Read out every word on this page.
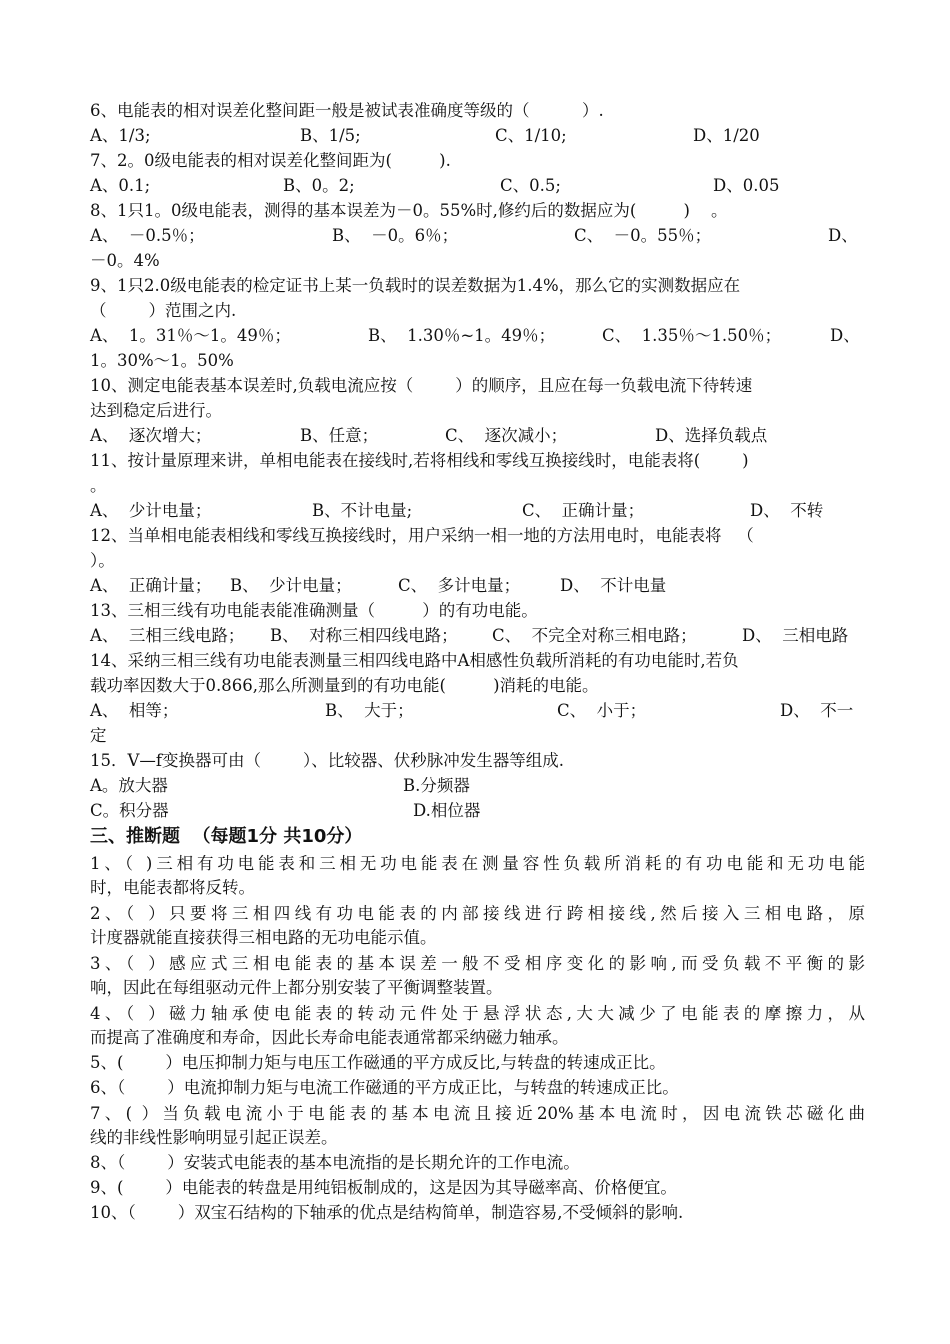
6、电能表的相对误差化整间距一般是被试表准确度等级的（          ）.
A、1/3;	B、1/5;	C、1/10;	D、1/20
7、2。0级电能表的相对误差化整间距为(         ).
A、0.1;	B、0。2;	C、0.5;	D、0.05
8、1只1。0级电能表，测得的基本误差为－0。55%时,修约后的数据应为(         )    。
A、  －0.5％；	B、  －0。6％；	C、  －0。55％；	D、
－0。4%
9、1只2.0级电能表的检定证书上某一负载时的误差数据为1.4%，那么它的实测数据应在
（        ）范围之内.
A、  1。31％～1。49％；	B、  1.30％~1。49％；	C、  1.35％～1.50％；	D、
1。30%～1。50%
10、测定电能表基本误差时,负载电流应按（        ）的顺序，且应在每一负载电流下待转速
达到稳定后进行。
A、  逐次增大；	B、任意；	C、  逐次减小；	D、选择负载点
11、按计量原理来讲，单相电能表在接线时,若将相线和零线互换接线时，电能表将(        )
。
A、  少计电量；	B、不计电量;	C、  正确计量；	D、  不转
12、当单相电能表相线和零线互换接线时，用户采纳一相一地的方法用电时，电能表将   （
）。
A、  正确计量； B、  少计电量；	C、  多计电量； D、  不计电量
13、三相三线有功电能表能准确测量（         ）的有功电能。
A、  三相三线电路； B、  对称三相四线电路； C、  不完全对称三相电路；	D、  三相电路
14、采纳三相三线有功电能表测量三相四线电路中A相感性负载所消耗的有功电能时,若负
载功率因数大于0.866,那么所测量到的有功电能(         )消耗的电能。
A、  相等；	B、  大于；	C、  小于；	D、  不一
定
15．V—f变换器可由（        ）、比较器、伏秒脉冲发生器等组成.
A。放大器	B.分频器
C。积分器	D.相位器
三、推断题  （每题1分 共10分）
1、（ )三相有功电能表和三相无功电能表在测量容性负载所消耗的有功电能和无功电能
时，电能表都将反转。
2、（ ）只要将三相四线有功电能表的内部接线进行跨相接线,然后接入三相电路，原
计度器就能直接获得三相电路的无功电能示值。
3、（ ）感应式三相电能表的基本误差一般不受相序变化的影响,而受负载不平衡的影
响，因此在每组驱动元件上都分别安装了平衡调整装置。
4、（ ）磁力轴承使电能表的转动元件处于悬浮状态,大大减少了电能表的摩擦力，从
而提高了准确度和寿命，因此长寿命电能表通常都采纳磁力轴承。
5、(        ）电压抑制力矩与电压工作磁通的平方成反比,与转盘的转速成正比。
6、（        ）电流抑制力矩与电流工作磁通的平方成正比，与转盘的转速成正比。
7、( ）当负载电流小于电能表的基本电流且接近20%基本电流时，因电流铁芯磁化曲
线的非线性影响明显引起正误差。
8、（        ）安装式电能表的基本电流指的是长期允许的工作电流。
9、(        ）电能表的转盘是用纯铝板制成的，这是因为其导磁率高、价格便宜。
10、（        ）双宝石结构的下轴承的优点是结构简单，制造容易,不受倾斜的影响.
